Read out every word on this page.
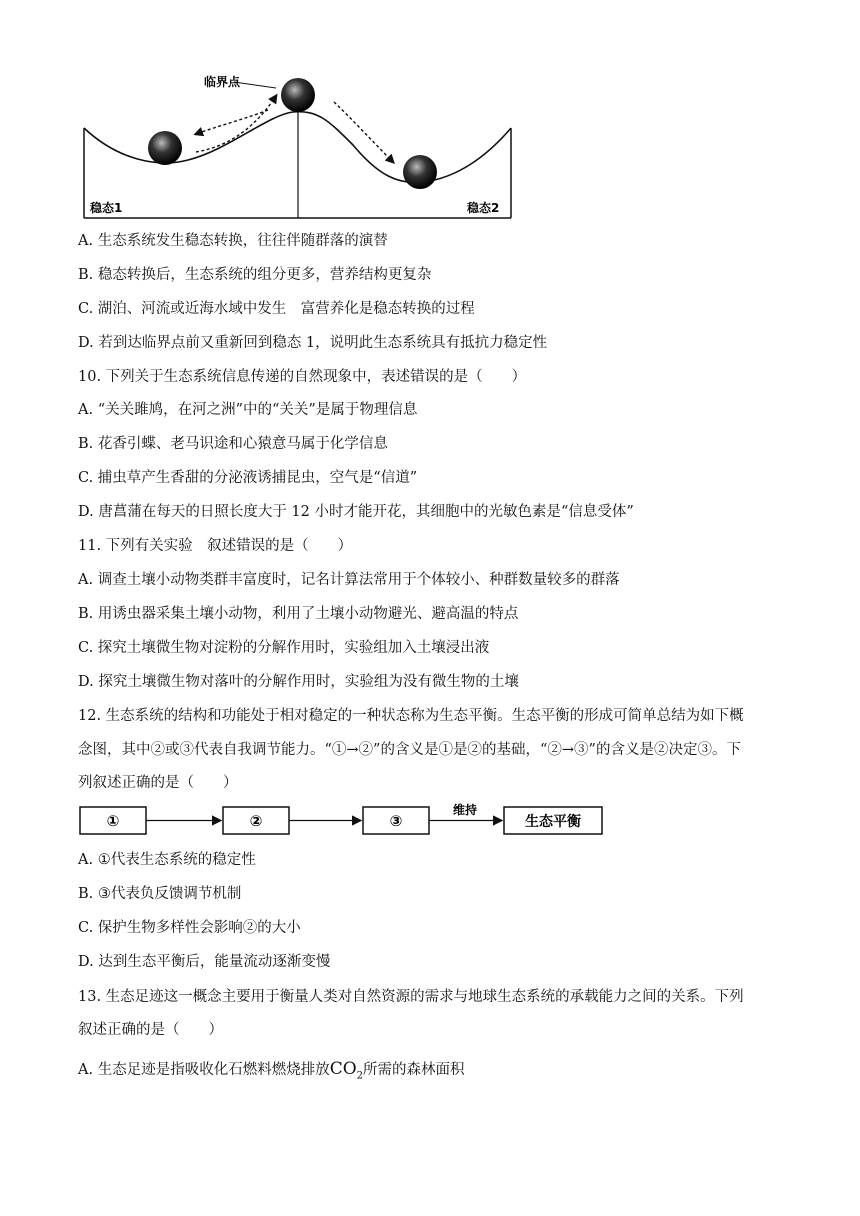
临界点
稳态1	稳态2
A. 生态系统发生稳态转换，往往伴随群落的演替
B. 稳态转换后，生态系统的组分更多，营养结构更复杂
C. 湖泊、河流或近海水域中发生　富营养化是稳态转换的过程
D. 若到达临界点前又重新回到稳态 1，说明此生态系统具有抵抗力稳定性
10. 下列关于生态系统信息传递的自然现象中，表述错误的是（　　）
A. “关关雎鸠，在河之洲”中的“关关”是属于物理信息
B. 花香引蝶、老马识途和心猿意马属于化学信息
C. 捕虫草产生香甜的分泌液诱捕昆虫，空气是“信道”
D. 唐菖蒲在每天的日照长度大于 12 小时才能开花，其细胞中的光敏色素是“信息受体”
11. 下列有关实验　叙述错误的是（　　）
A. 调查土壤小动物类群丰富度时，记名计算法常用于个体较小、种群数量较多的群落
B. 用诱虫器采集土壤小动物，利用了土壤小动物避光、避高温的特点
C. 探究土壤微生物对淀粉的分解作用时，实验组加入土壤浸出液
D. 探究土壤微生物对落叶的分解作用时，实验组为没有微生物的土壤
12. 生态系统的结构和功能处于相对稳定的一种状态称为生态平衡。生态平衡的形成可简单总结为如下概
念图，其中②或③代表自我调节能力。“①→②”的含义是①是②的基础，“②→③”的含义是②决定③。下
列叙述正确的是（　　）
①	②	③	生态平衡
维持
A. ①代表生态系统的稳定性
B. ③代表负反馈调节机制
C. 保护生物多样性会影响②的大小
D. 达到生态平衡后，能量流动逐渐变慢
13. 生态足迹这一概念主要用于衡量人类对自然资源的需求与地球生态系统的承载能力之间的关系。下列
叙述正确的是（　　）
A. 生态足迹是指吸收化石燃料燃烧排放$CO_2$所需的森林面积
